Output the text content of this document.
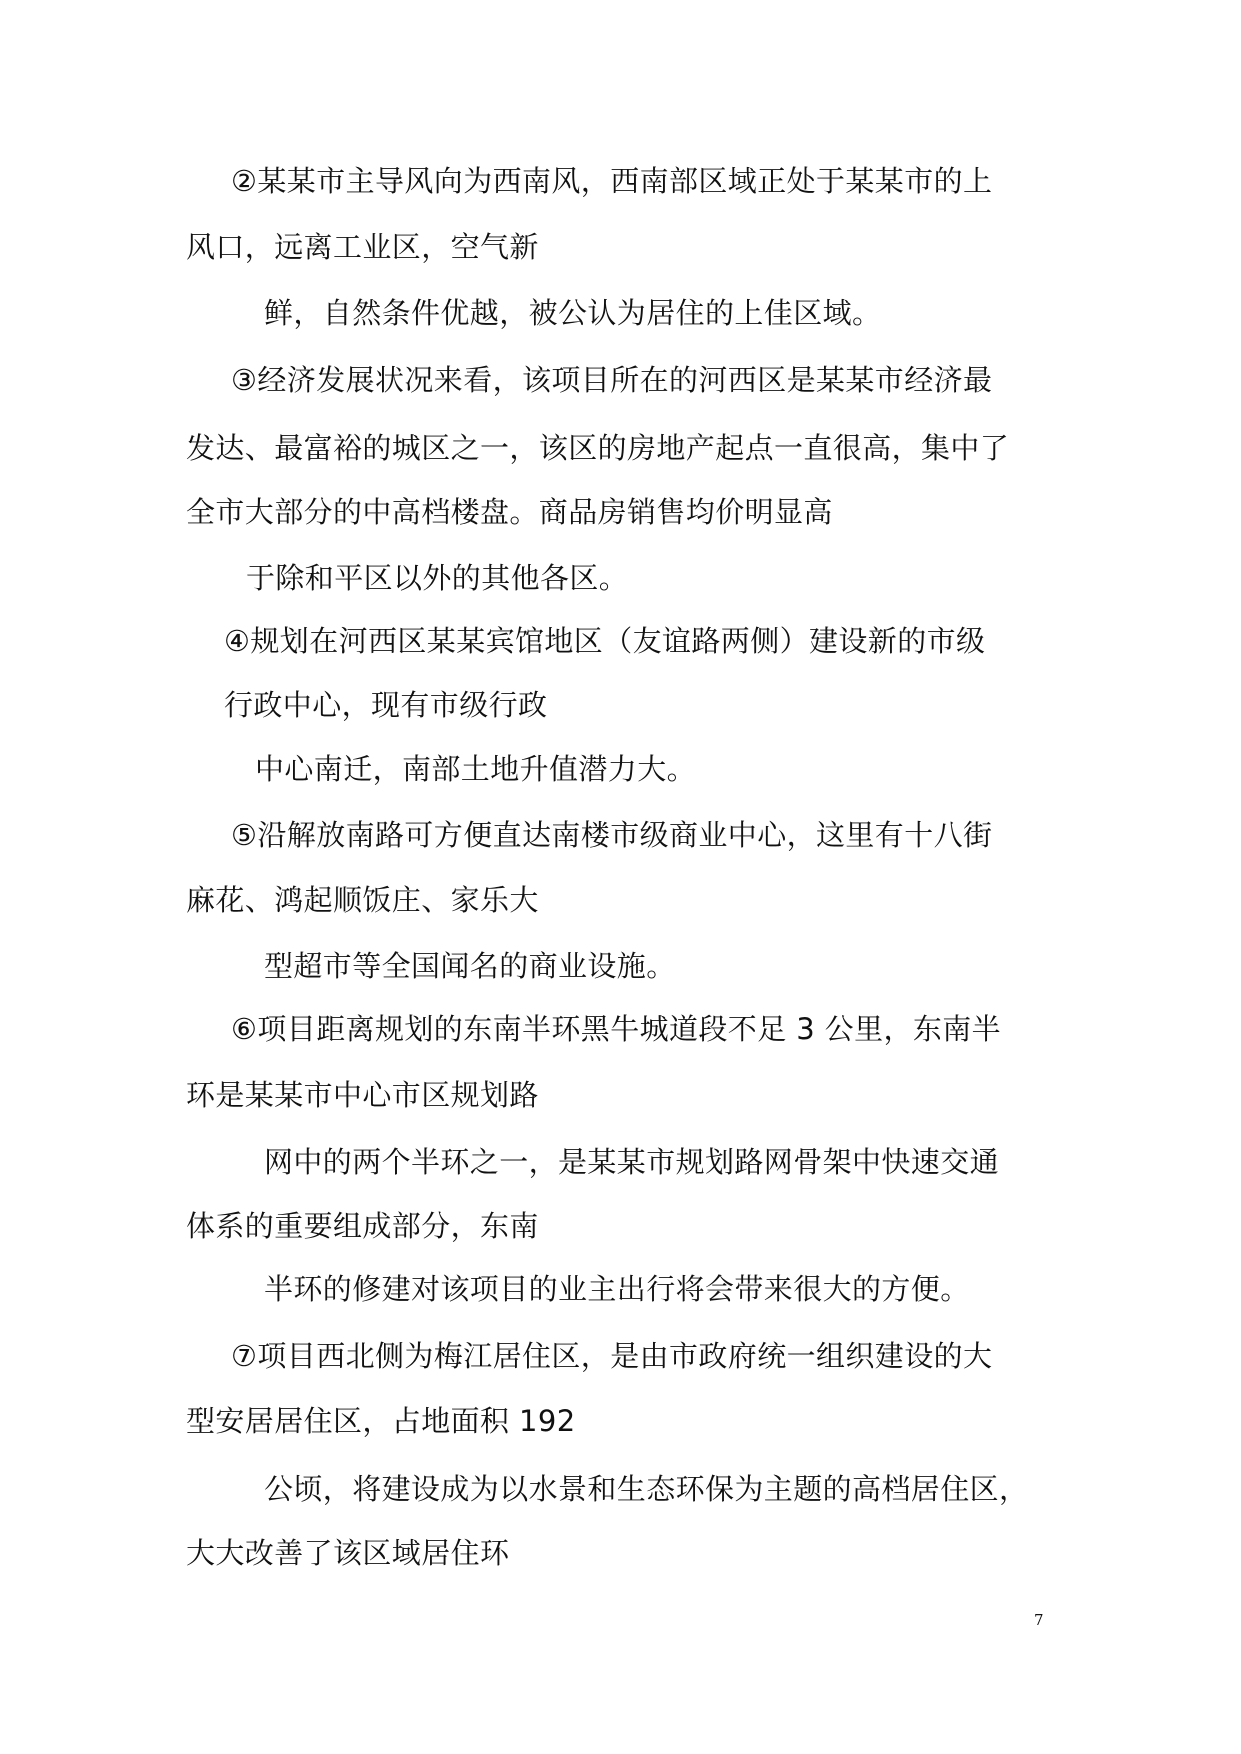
②某某市主导风向为西南风，西南部区域正处于某某市的上
风口，远离工业区，空气新
鲜，自然条件优越，被公认为居住的上佳区域。
③经济发展状况来看，该项目所在的河西区是某某市经济最
发达、最富裕的城区之一，该区的房地产起点一直很高，集中了
全市大部分的中高档楼盘。商品房销售均价明显高
于除和平区以外的其他各区。
④规划在河西区某某宾馆地区（友谊路两侧）建设新的市级
行政中心，现有市级行政
中心南迁，南部土地升值潜力大。
⑤沿解放南路可方便直达南楼市级商业中心，这里有十八街
麻花、鸿起顺饭庄、家乐大
型超市等全国闻名的商业设施。
⑥项目距离规划的东南半环黑牛城道段不足 3 公里，东南半
环是某某市中心市区规划路
网中的两个半环之一，是某某市规划路网骨架中快速交通
体系的重要组成部分，东南
半环的修建对该项目的业主出行将会带来很大的方便。
⑦项目西北侧为梅江居住区，是由市政府统一组织建设的大
型安居居住区，占地面积 192
公顷，将建设成为以水景和生态环保为主题的高档居住区，
大大改善了该区域居住环
7
